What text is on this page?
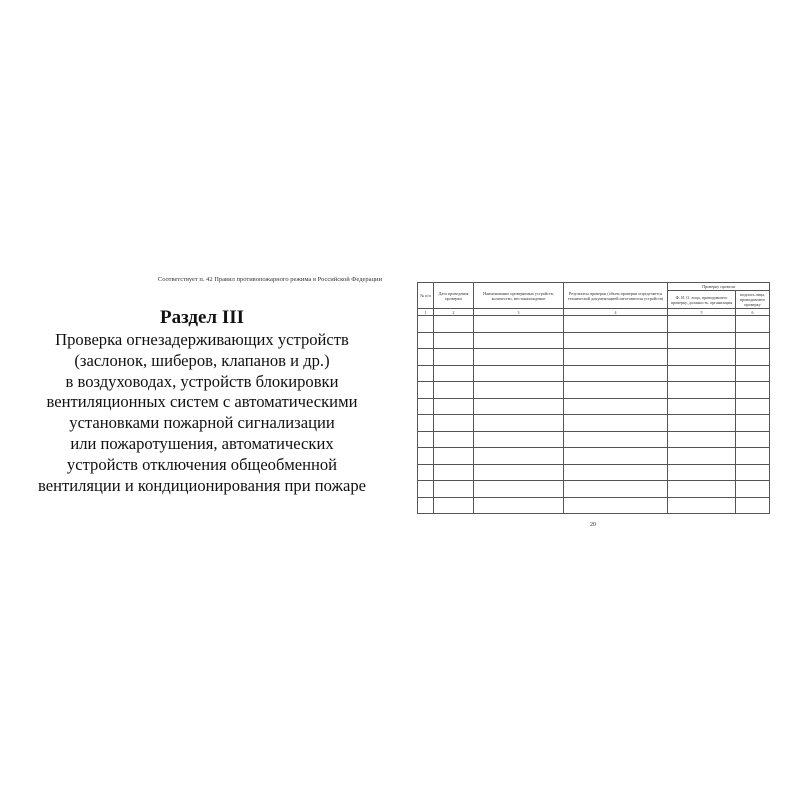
Соответствует п. 42 Правил противопожарного режима в Российской Федерации
Раздел III
Проверка огнезадерживающих устройств
(заслонок, шиберов, клапанов и др.)
в воздуховодах, устройств блокировки
вентиляционных систем с автоматическими
установками пожарной сигнализации
или пожаротушения, автоматических
устройств отключения общеобменной
вентиляции и кондиционирования при пожаре
№ п/п	Дата проведения проверки	Наименование проверяемых устройств, количество, местонахождение	Результаты проверки (объем проверки определяется технической документацией изготовителя устройств)	Проверку провели	
				Ф. И. О. лица, проводившего проверку, должность, организация	подпись лица, проводившего проверку
1	2	3	4	5	6

20
